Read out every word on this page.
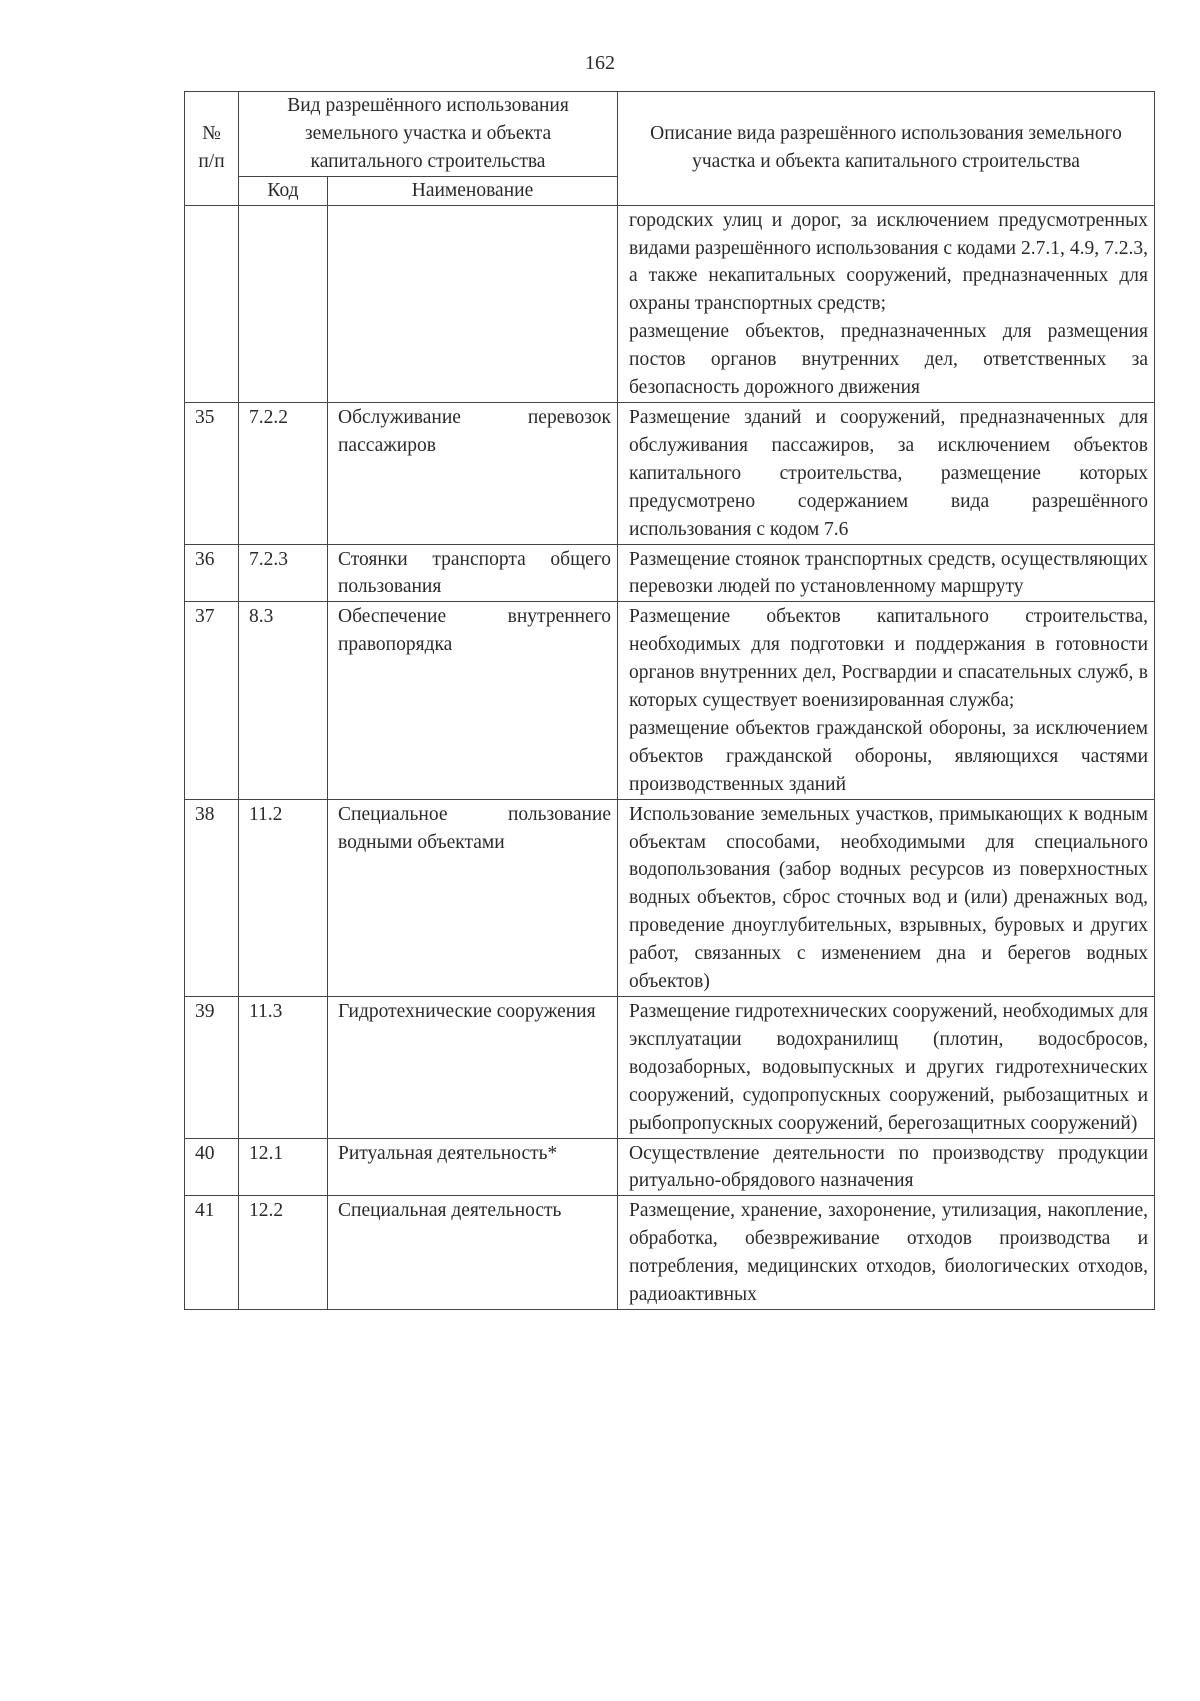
162
№ п/п	Вид разрешённого использования земельного участка и объекта капитального строительства		Описание вида разрешённого использования земельного участка и объекта капитального строительства
	Код	Наименование	

			городских улиц и дорог, за исключением предусмотренных видами разрешённого использования с кодами 2.7.1, 4.9, 7.2.3, а также некапитальных сооружений, предназначенных для охраны транспортных средств;
размещение объектов, предназначенных для размещения постов органов внутренних дел, ответственных за безопасность дорожного движения

35	7.2.2	Обслуживание перевозок пассажиров	Размещение зданий и сооружений, предназначенных для обслуживания пассажиров, за исключением объектов капитального строительства, размещение которых предусмотрено содержанием вида разрешённого использования с кодом 7.6

36	7.2.3	Стоянки транспорта общего пользования	Размещение стоянок транспортных средств, осуществляющих перевозки людей по установленному маршруту

37	8.3	Обеспечение внутреннего правопорядка	Размещение объектов капитального строительства, необходимых для подготовки и поддержания в готовности органов внутренних дел, Росгвардии и спасательных служб, в которых существует военизированная служба;
размещение объектов гражданской обороны, за исключением объектов гражданской обороны, являющихся частями производственных зданий

38	11.2	Специальное пользование водными объектами	Использование земельных участков, примыкающих к водным объектам способами, необходимыми для специального водопользования (забор водных ресурсов из поверхностных водных объектов, сброс сточных вод и (или) дренажных вод, проведение дноуглубительных, взрывных, буровых и других работ, связанных с изменением дна и берегов водных объектов)

39	11.3	Гидротехнические сооружения	Размещение гидротехнических сооружений, необходимых для эксплуатации водохранилищ (плотин, водосбросов, водозаборных, водовыпускных и других гидротехнических сооружений, судопропускных сооружений, рыбозащитных и рыбопропускных сооружений, берегозащитных сооружений)

40	12.1	Ритуальная деятельность*	Осуществление деятельности по производству продукции ритуально-обрядового назначения

41	12.2	Специальная деятельность	Размещение, хранение, захоронение, утилизация, накопление, обработка, обезвреживание отходов производства и потребления, медицинских отходов, биологических отходов, радиоактивных
